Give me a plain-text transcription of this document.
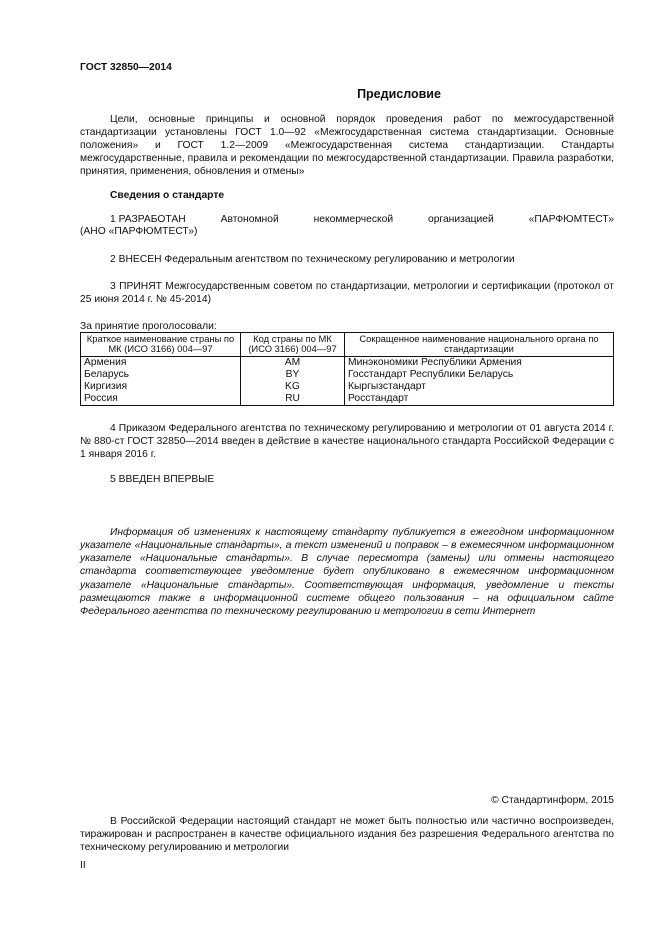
ГОСТ 32850—2014
Предисловие

Цели, основные принципы и основной порядок проведения работ по межгосударственной стандартизации установлены ГОСТ 1.0—92 «Межгосударственная система стандартизации. Основные положения» и ГОСТ 1.2—2009 «Межгосударственная система стандартизации. Стандарты межгосударственные, правила и рекомендации по межгосударственной стандартизации. Правила разработки, принятия, применения, обновления и отмены»

Сведения о стандарте
1 РАЗРАБОТАН	Автономной	некоммерческой	организацией	«ПАРФЮМТЕСТ»

(АНО «ПАРФЮМТЕСТ»)

2 ВНЕСЕН Федеральным агентством по техническому регулированию и метрологии

3 ПРИНЯТ Межгосударственным советом по стандартизации, метрологии и сертификации (протокол от 25 июня 2014 г. № 45-2014)

За принятие проголосовали:
Краткое наименование страны по МК (ИСО 3166) 004—97	Код страны по МК (ИСО 3166) 004—97	Сокращенное наименование национального органа по стандартизации
Армения	AM	Минэкономики Республики Армения
Беларусь	BY	Госстандарт Республики Беларусь
Киргизия	KG	Кыргызстандарт
Россия	RU	Росстандарт

4 Приказом Федерального агентства по техническому регулированию и метрологии от 01 августа 2014 г. № 880-ст ГОСТ 32850—2014 введен в действие в качестве национального стандарта Российской Федерации с 1 января 2016 г.

5 ВВЕДЕН ВПЕРВЫЕ

Информация об изменениях к настоящему стандарту публикуется в ежегодном информационном указателе «Национальные стандарты», а текст изменений и поправок – в ежемесячном информационном указателе «Национальные стандарты». В случае пересмотра (замены) или отмены настоящего стандарта соответствующее уведомление будет опубликовано в ежемесячном информационном указателе «Национальные стандарты». Соответствующая информация, уведомление и тексты размещаются также в информационной системе общего пользования – на официальном сайте Федерального агентства по техническому регулированию и метрологии в сети Интернет

© Стандартинформ, 2015

В Российской Федерации настоящий стандарт не может быть полностью или частично воспроизведен, тиражирован и распространен в качестве официального издания без разрешения Федерального агентства по техническому регулированию и метрологии

II
